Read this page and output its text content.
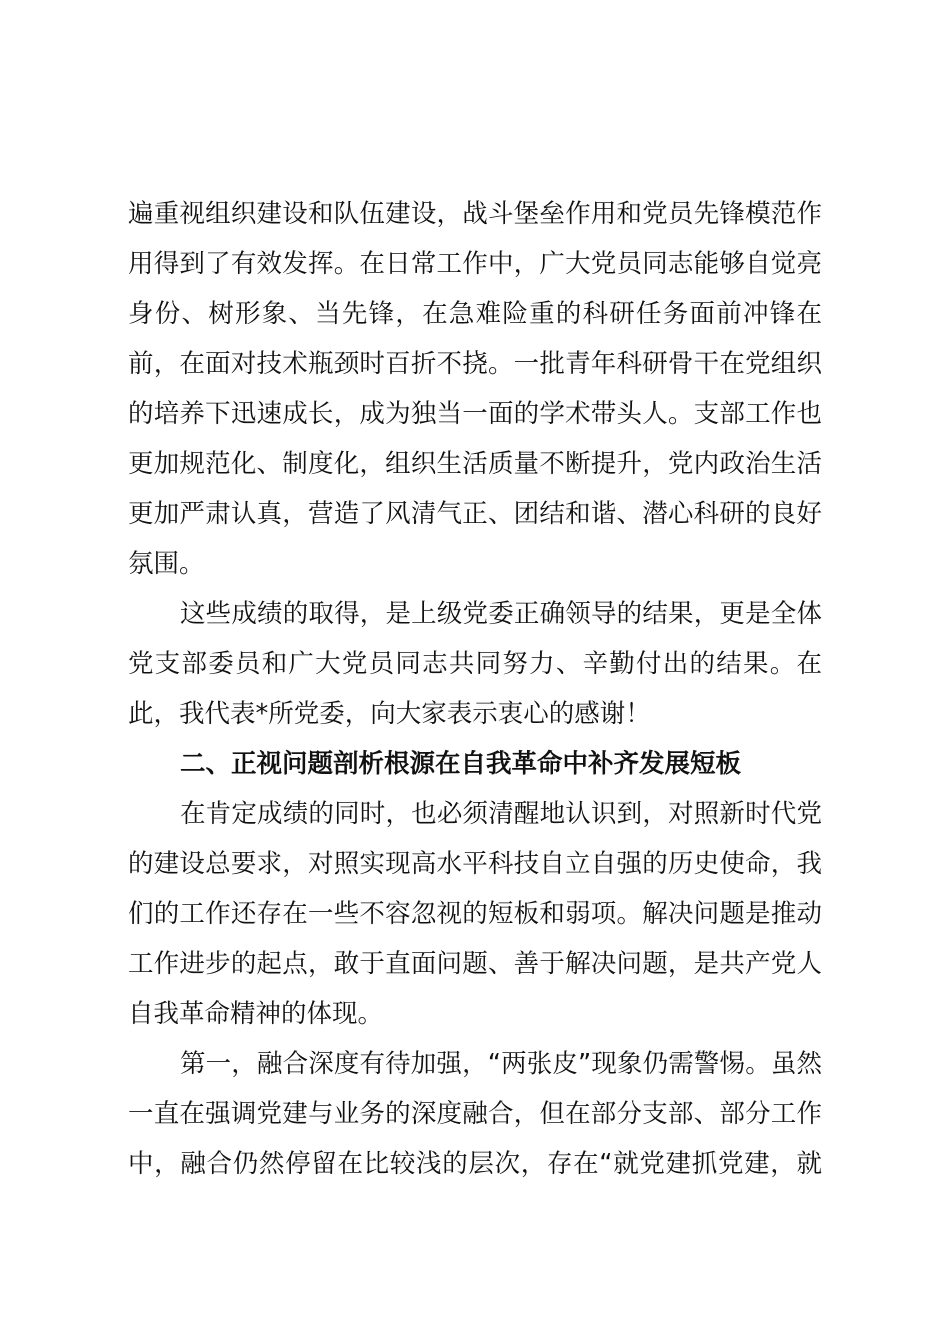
遍重视组织建设和队伍建设，战斗堡垒作用和党员先锋模范作
用得到了有效发挥。在日常工作中，广大党员同志能够自觉亮
身份、树形象、当先锋，在急难险重的科研任务面前冲锋在
前，在面对技术瓶颈时百折不挠。一批青年科研骨干在党组织
的培养下迅速成长，成为独当一面的学术带头人。支部工作也
更加规范化、制度化，组织生活质量不断提升，党内政治生活
更加严肃认真，营造了风清气正、团结和谐、潜心科研的良好
氛围。
这些成绩的取得，是上级党委正确领导的结果，更是全体
党支部委员和广大党员同志共同努力、辛勤付出的结果。在
此，我代表*所党委，向大家表示衷心的感谢！
二、正视问题剖析根源在自我革命中补齐发展短板
在肯定成绩的同时，也必须清醒地认识到，对照新时代党
的建设总要求，对照实现高水平科技自立自强的历史使命，我
们的工作还存在一些不容忽视的短板和弱项。解决问题是推动
工作进步的起点，敢于直面问题、善于解决问题，是共产党人
自我革命精神的体现。
第一，融合深度有待加强，“两张皮”现象仍需警惕。虽然
一直在强调党建与业务的深度融合，但在部分支部、部分工作
中，融合仍然停留在比较浅的层次，存在“就党建抓党建，就
